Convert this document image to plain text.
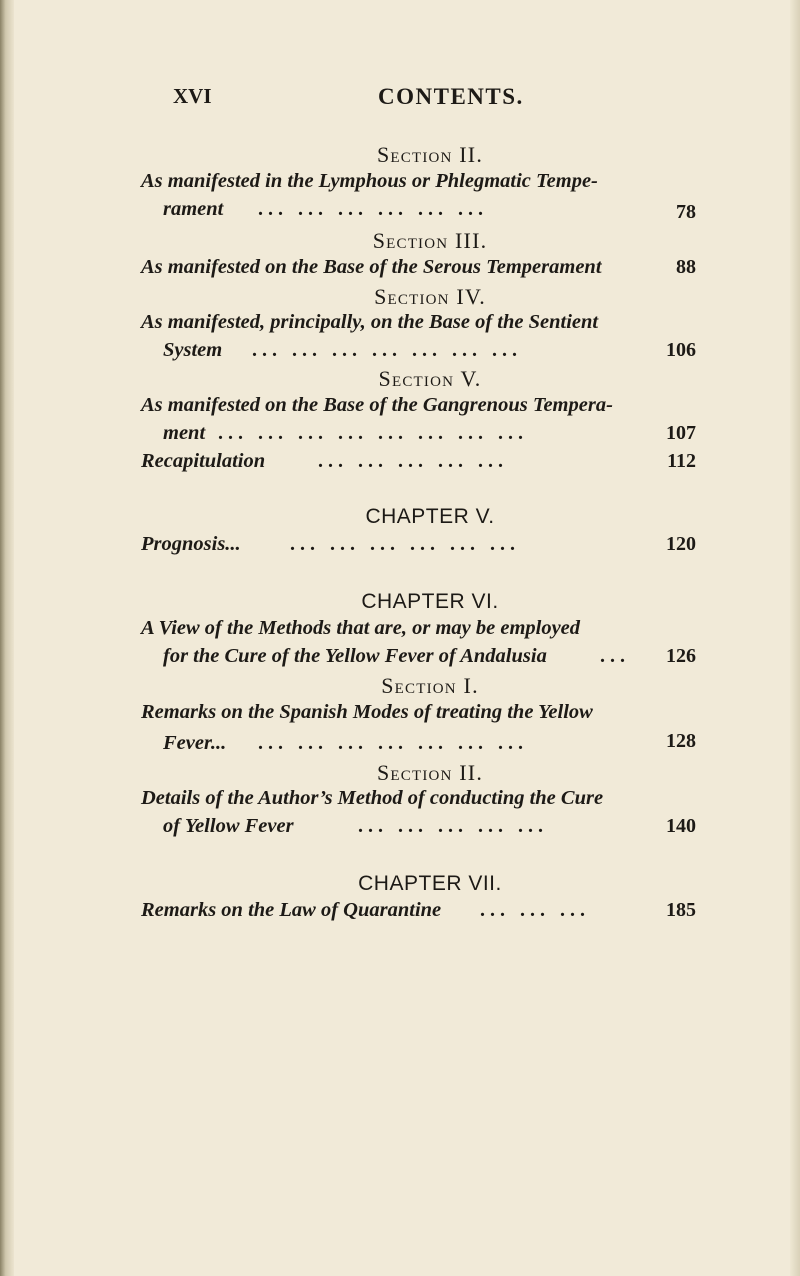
XVI	CONTENTS.
Section II.
As manifested in the Lymphous or Phlegmatic Tempe-
rament	... ... ... ... ... ...	78
Section III.
As manifested on the Base of the Serous Temperament	88
Section IV.
As manifested, principally, on the Base of the Sentient
System	... ... ... ... ... ... ...	106
Section V.
As manifested on the Base of the Gangrenous Tempera-
ment ... ... ... ... ... ... ... ...	107
Recapitulation	... ... ... ... ...	112
CHAPTER V.
Prognosis...	... ... ... ... ... ...	120
CHAPTER VI.
A View of the Methods that are, or may be employed
for the Cure of the Yellow Fever of Andalusia	...	126
Section I.
Remarks on the Spanish Modes of treating the Yellow
Fever...	... ... ... ... ... ... ...	128
Section II.
Details of the Author’s Method of conducting the Cure
of Yellow Fever	... ... ... ... ...	140
CHAPTER VII.
Remarks on the Law of Quarantine	... ... ...	185
